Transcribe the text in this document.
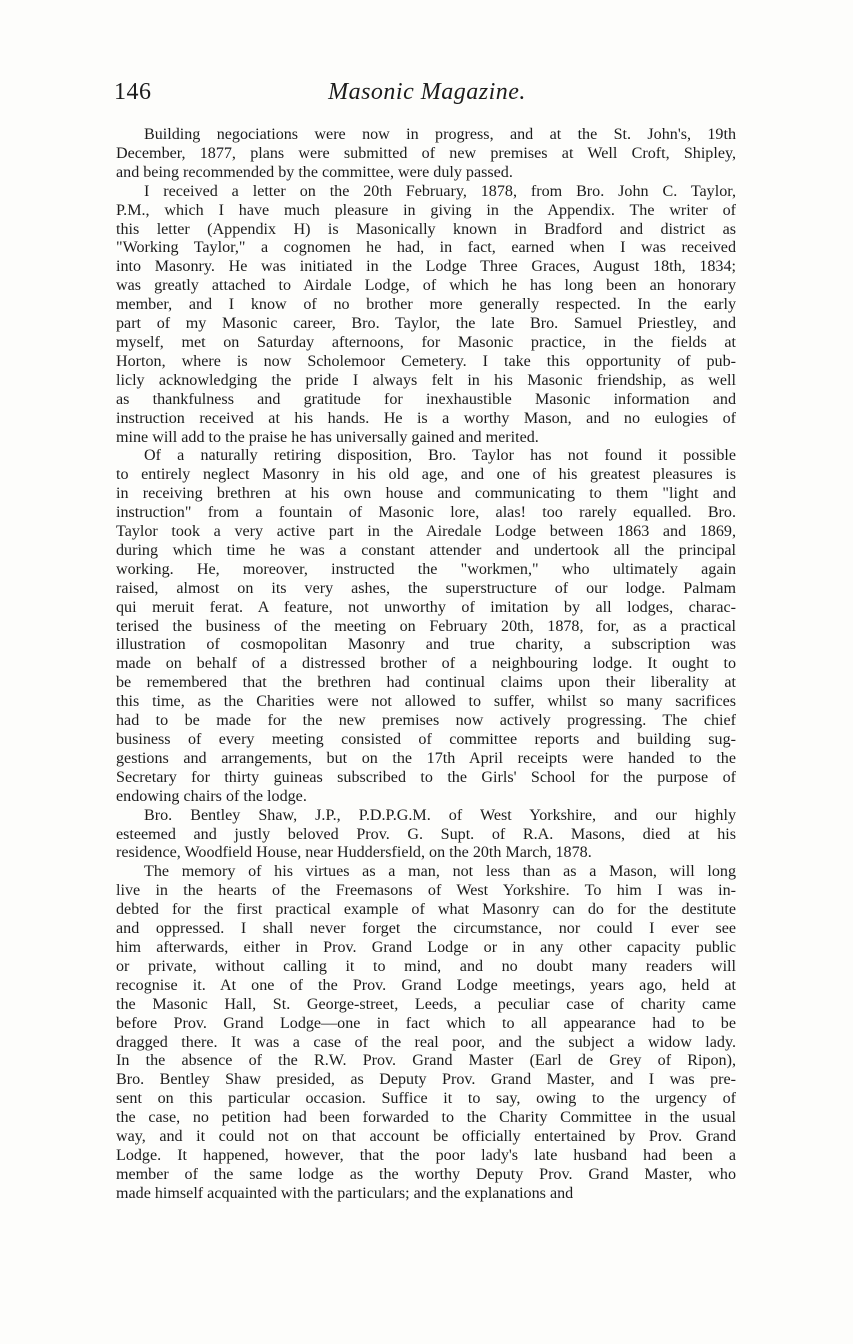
146	Masonic Magazine.
Building negociations were now in progress, and at the St. John's, 19th
December, 1877, plans were submitted of new premises at Well Croft, Shipley,
and being recommended by the committee, were duly passed.
I received a letter on the 20th February, 1878, from Bro. John C. Taylor,
P.M., which I have much pleasure in giving in the Appendix. The writer of
this letter (Appendix H) is Masonically known in Bradford and district as
"Working Taylor," a cognomen he had, in fact, earned when I was received
into Masonry. He was initiated in the Lodge Three Graces, August 18th, 1834;
was greatly attached to Airdale Lodge, of which he has long been an honorary
member, and I know of no brother more generally respected. In the early
part of my Masonic career, Bro. Taylor, the late Bro. Samuel Priestley, and
myself, met on Saturday afternoons, for Masonic practice, in the fields at
Horton, where is now Scholemoor Cemetery. I take this opportunity of pub-
licly acknowledging the pride I always felt in his Masonic friendship, as well
as thankfulness and gratitude for inexhaustible Masonic information and
instruction received at his hands. He is a worthy Mason, and no eulogies of
mine will add to the praise he has universally gained and merited.
Of a naturally retiring disposition, Bro. Taylor has not found it possible
to entirely neglect Masonry in his old age, and one of his greatest pleasures is
in receiving brethren at his own house and communicating to them "light and
instruction" from a fountain of Masonic lore, alas! too rarely equalled. Bro.
Taylor took a very active part in the Airedale Lodge between 1863 and 1869,
during which time he was a constant attender and undertook all the principal
working. He, moreover, instructed the "workmen," who ultimately again
raised, almost on its very ashes, the superstructure of our lodge. Palmam
qui meruit ferat. A feature, not unworthy of imitation by all lodges, charac-
terised the business of the meeting on February 20th, 1878, for, as a practical
illustration of cosmopolitan Masonry and true charity, a subscription was
made on behalf of a distressed brother of a neighbouring lodge. It ought to
be remembered that the brethren had continual claims upon their liberality at
this time, as the Charities were not allowed to suffer, whilst so many sacrifices
had to be made for the new premises now actively progressing. The chief
business of every meeting consisted of committee reports and building sug-
gestions and arrangements, but on the 17th April receipts were handed to the
Secretary for thirty guineas subscribed to the Girls' School for the purpose of
endowing chairs of the lodge.
Bro. Bentley Shaw, J.P., P.D.P.G.M. of West Yorkshire, and our highly
esteemed and justly beloved Prov. G. Supt. of R.A. Masons, died at his
residence, Woodfield House, near Huddersfield, on the 20th March, 1878.
The memory of his virtues as a man, not less than as a Mason, will long
live in the hearts of the Freemasons of West Yorkshire. To him I was in-
debted for the first practical example of what Masonry can do for the destitute
and oppressed. I shall never forget the circumstance, nor could I ever see
him afterwards, either in Prov. Grand Lodge or in any other capacity public
or private, without calling it to mind, and no doubt many readers will
recognise it. At one of the Prov. Grand Lodge meetings, years ago, held at
the Masonic Hall, St. George-street, Leeds, a peculiar case of charity came
before Prov. Grand Lodge—one in fact which to all appearance had to be
dragged there. It was a case of the real poor, and the subject a widow lady.
In the absence of the R.W. Prov. Grand Master (Earl de Grey of Ripon),
Bro. Bentley Shaw presided, as Deputy Prov. Grand Master, and I was pre-
sent on this particular occasion. Suffice it to say, owing to the urgency of
the case, no petition had been forwarded to the Charity Committee in the usual
way, and it could not on that account be officially entertained by Prov. Grand
Lodge. It happened, however, that the poor lady's late husband had been a
member of the same lodge as the worthy Deputy Prov. Grand Master, who
made himself acquainted with the particulars; and the explanations and
